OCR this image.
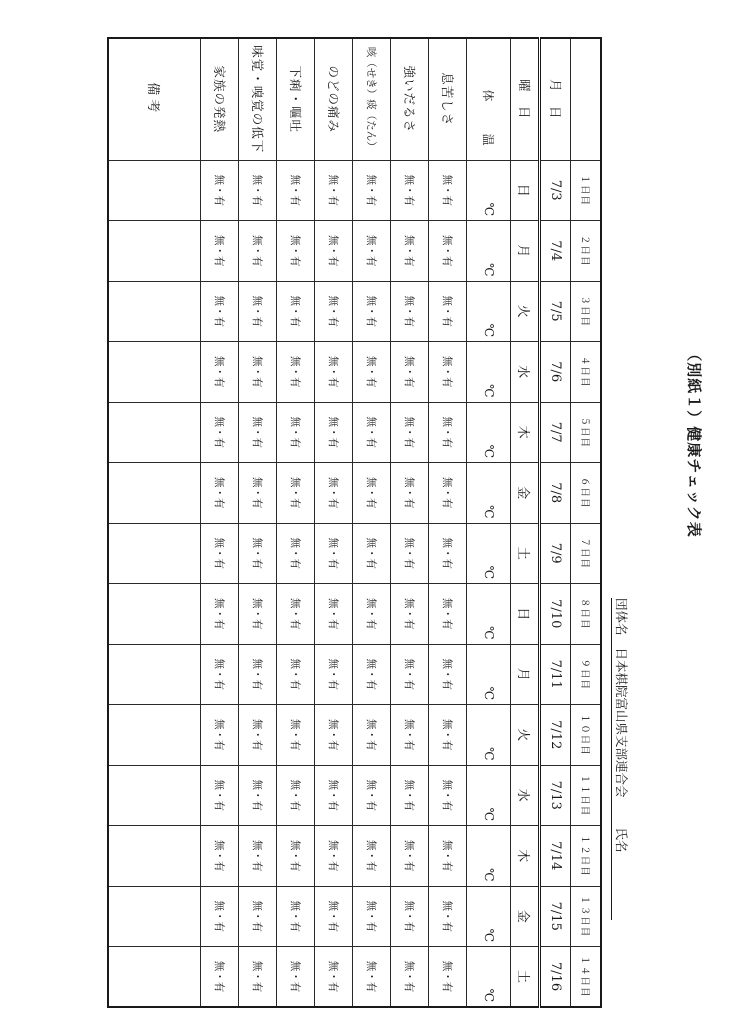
（別紙１）健康チェック表
団体名 日本棋院富山県支部連合会 氏名
	１日目	２日目	３日目	４日目	５日目	６日目	７日目	８日目	９日目	１０日目	１１日目	１２日目	１３日目	１４日目
月　日	7/3	7/4	7/5	7/6	7/7	7/8	7/9	7/10	7/11	7/12	7/13	7/14	7/15	7/16
曜　日	日	月	火	水	木	金	土	日	月	火	水	木	金	土
体　温	℃	℃	℃	℃	℃	℃	℃	℃	℃	℃	℃	℃	℃	℃
息苦しさ	無・有	無・有	無・有	無・有	無・有	無・有	無・有	無・有	無・有	無・有	無・有	無・有	無・有	無・有
強いだるさ	無・有	無・有	無・有	無・有	無・有	無・有	無・有	無・有	無・有	無・有	無・有	無・有	無・有	無・有
咳（せき）痰（たん）	無・有	無・有	無・有	無・有	無・有	無・有	無・有	無・有	無・有	無・有	無・有	無・有	無・有	無・有
のどの痛み	無・有	無・有	無・有	無・有	無・有	無・有	無・有	無・有	無・有	無・有	無・有	無・有	無・有	無・有
下痢・嘔吐	無・有	無・有	無・有	無・有	無・有	無・有	無・有	無・有	無・有	無・有	無・有	無・有	無・有	無・有
味覚・嗅覚の低下	無・有	無・有	無・有	無・有	無・有	無・有	無・有	無・有	無・有	無・有	無・有	無・有	無・有	無・有
家族の発熱	無・有	無・有	無・有	無・有	無・有	無・有	無・有	無・有	無・有	無・有	無・有	無・有	無・有	無・有
備考														
